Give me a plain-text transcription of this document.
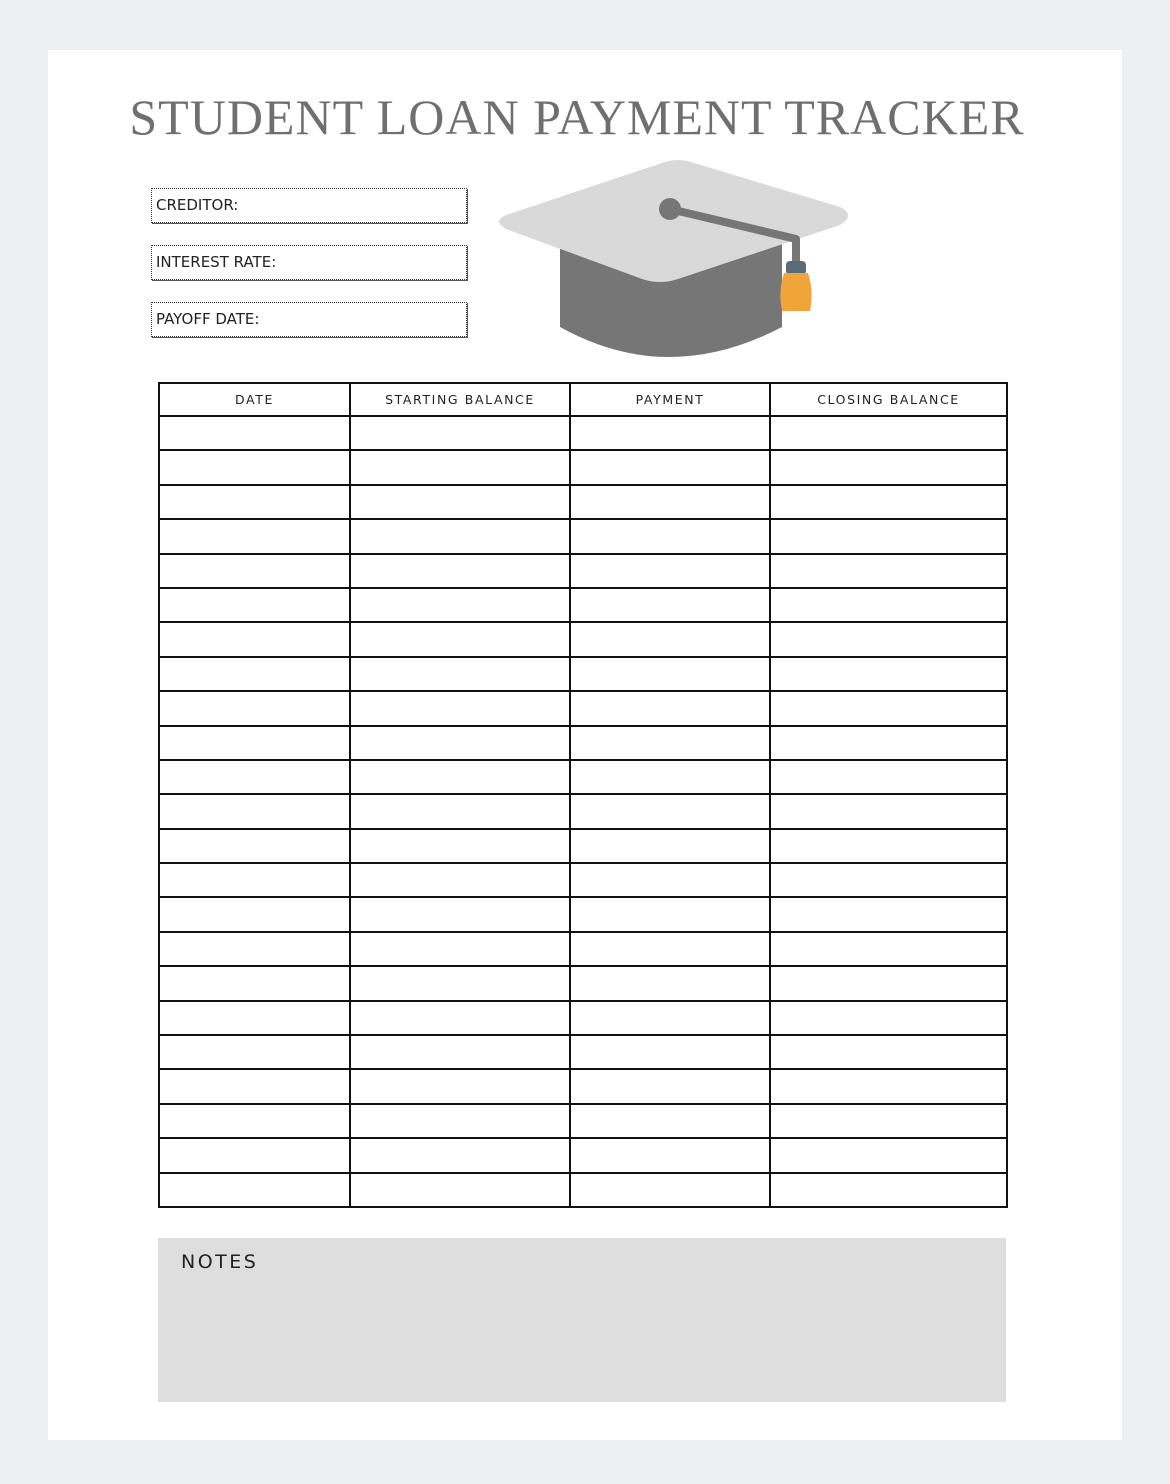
STUDENT LOAN PAYMENT TRACKER
CREDITOR:
INTEREST RATE:
PAYOFF DATE:
DATE	STARTING BALANCE	PAYMENT	CLOSING BALANCE

NOTES
